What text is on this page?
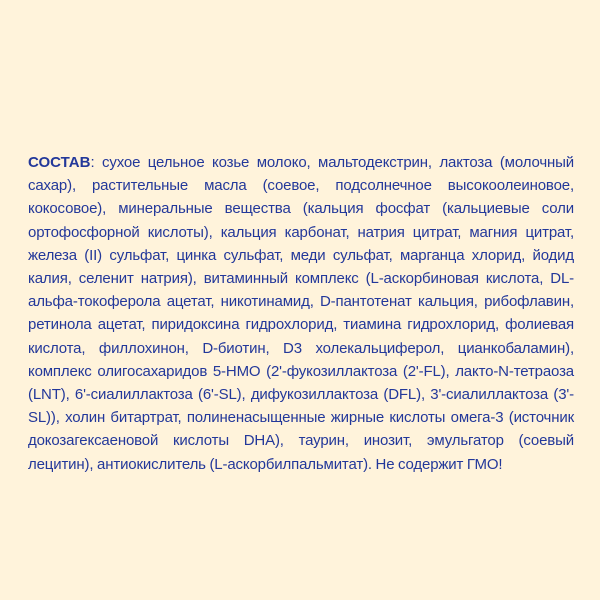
СОСТАВ: сухое цельное козье молоко, мальтодекстрин, лактоза (молочный сахар), растительные масла (соевое, подсолнечное высокоолеиновое, кокосовое), минеральные вещества (кальция фосфат (кальциевые соли ортофосфорной кислоты), кальция карбонат, натрия цитрат, магния цитрат, железа (II) сульфат, цинка сульфат, меди сульфат, марганца хлорид, йодид калия, селенит натрия), витаминный комплекс (L-аскорбиновая кислота, DL-альфа-токоферола ацетат, никотинамид, D-пантотенат кальция, рибофлавин, ретинола ацетат, пиридоксина гидрохлорид, тиамина гидрохлорид, фолиевая кислота, филлохинон, D-биотин, D3 холекальциферол, цианкобаламин), комплекс олигосахаридов 5-НМО (2'-фукозиллактоза (2'-FL), лакто-N-тетраоза (LNT), 6'-сиалиллактоза (6'-SL), дифукозиллактоза (DFL), 3'-сиалиллактоза (3'-SL)), холин битартрат, полиненасыщенные жирные кислоты омега-3 (источник докозагексаеновой кислоты DHA), таурин, инозит, эмульгатор (соевый лецитин), антиокислитель (L-аскорбилпальмитат). Не содержит ГМО!
